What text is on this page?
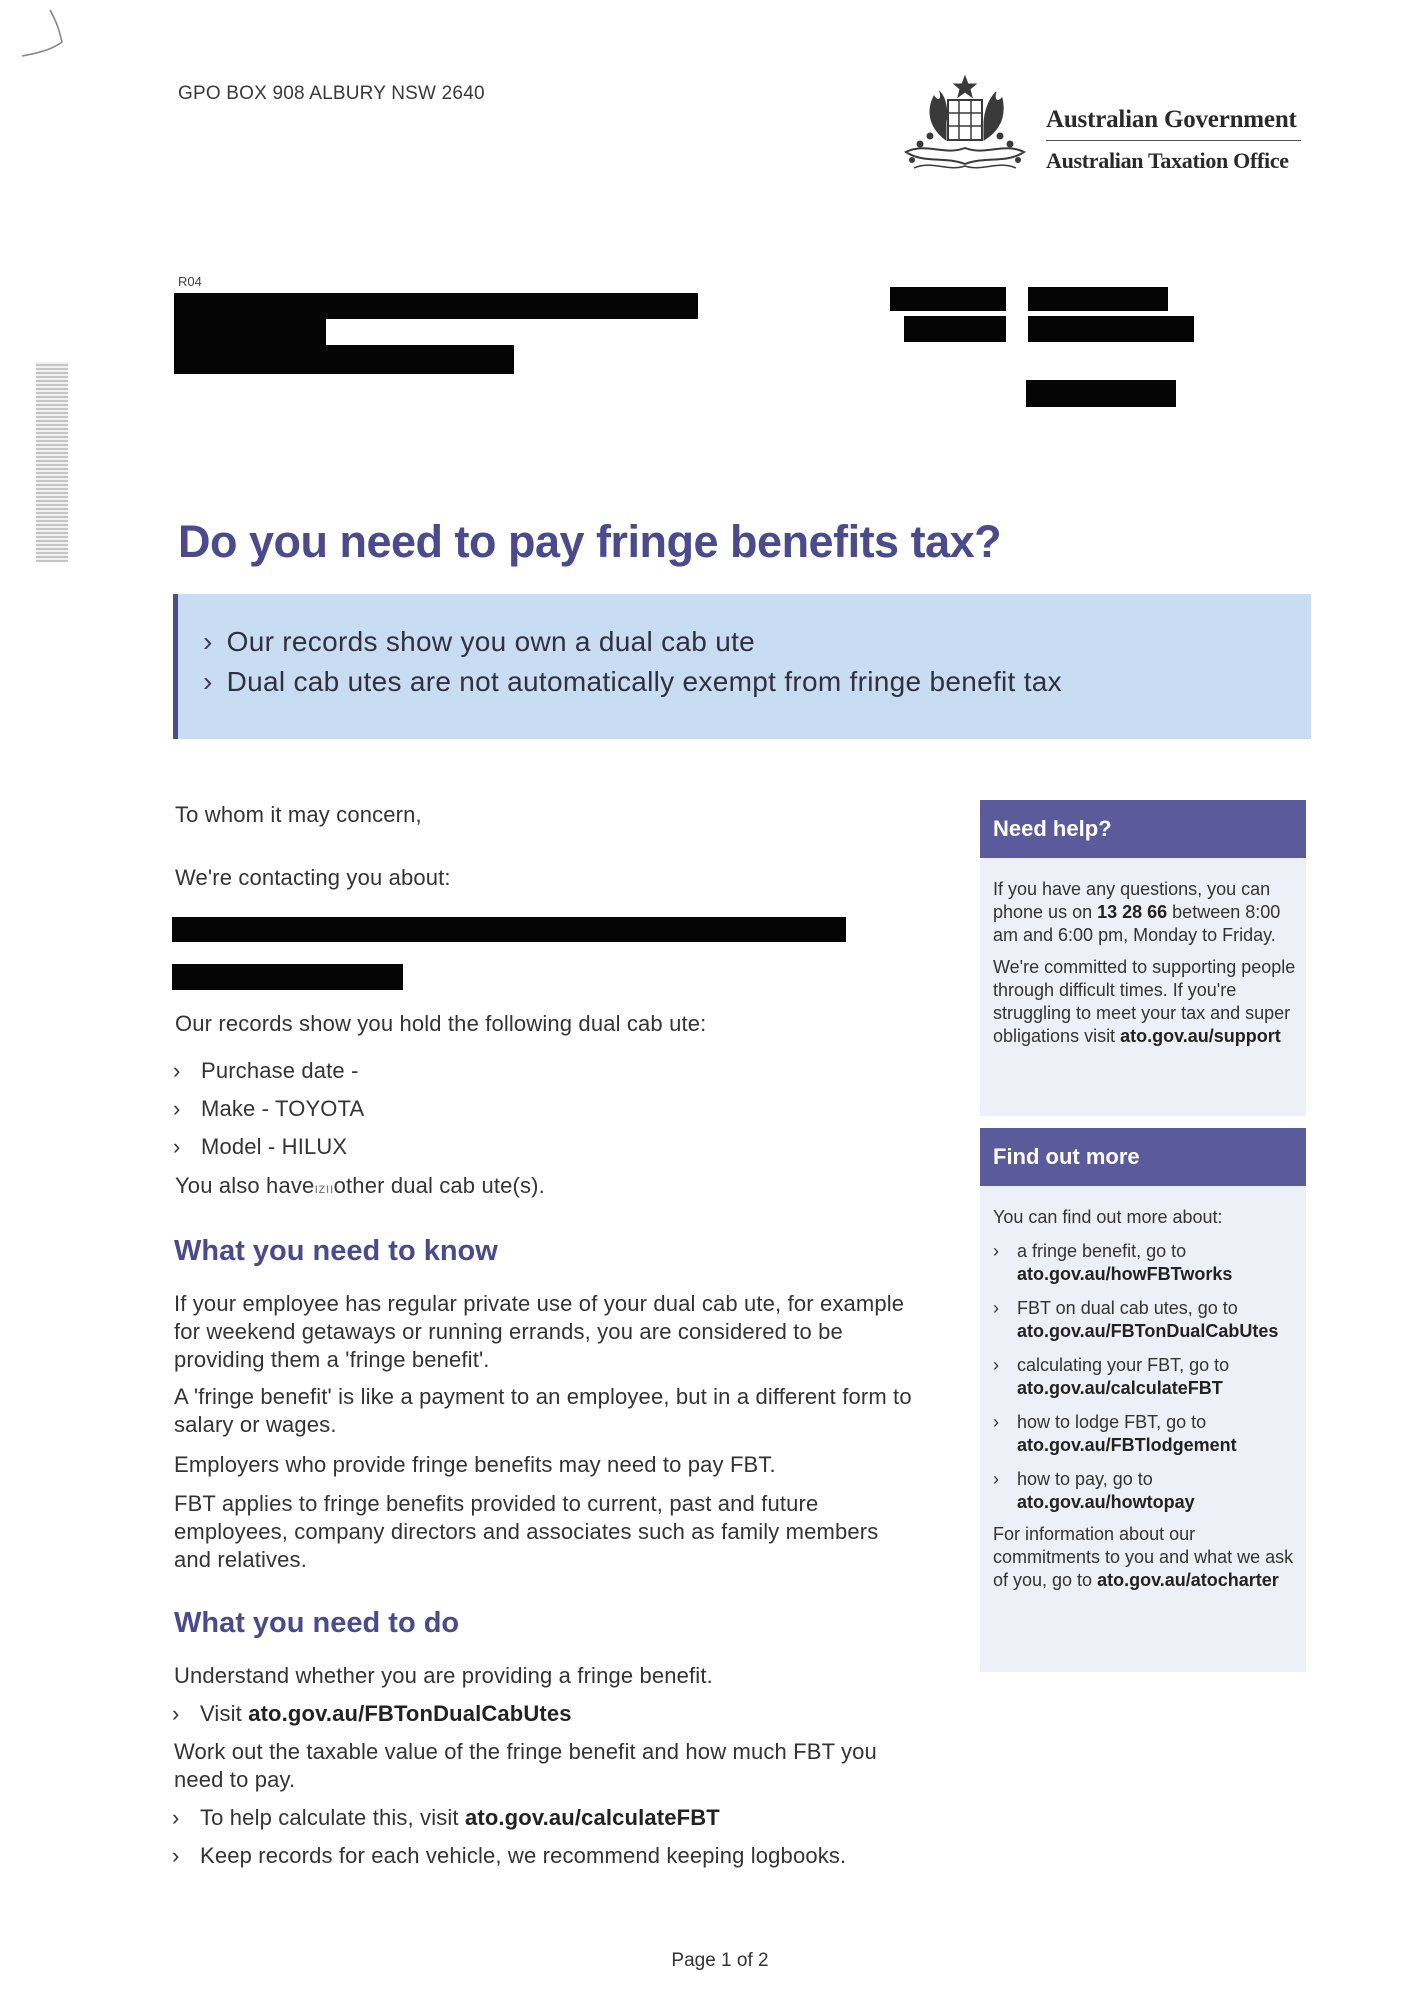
GPO BOX 908 ALBURY NSW 2640
Australian Government
Australian Taxation Office
R04
Do you need to pay fringe benefits tax?
› Our records show you own a dual cab ute
› Dual cab utes are not automatically exempt from fringe benefit tax
To whom it may concern,
We're contacting you about:
Our records show you hold the following dual cab ute:
› Purchase date -
› Make - TOYOTA
› Model - HILUX
You also haveızııother dual cab ute(s).
What you need to know
If your employee has regular private use of your dual cab ute, for example for weekend getaways or running errands, you are considered to be providing them a 'fringe benefit'.
A 'fringe benefit' is like a payment to an employee, but in a different form to salary or wages.
Employers who provide fringe benefits may need to pay FBT.
FBT applies to fringe benefits provided to current, past and future employees, company directors and associates such as family members and relatives.
What you need to do
Understand whether you are providing a fringe benefit.
› Visit ato.gov.au/FBTonDualCabUtes
Work out the taxable value of the fringe benefit and how much FBT you need to pay.
› To help calculate this, visit ato.gov.au/calculateFBT
› Keep records for each vehicle, we recommend keeping logbooks.
Need help?
If you have any questions, you can phone us on 13 28 66 between 8:00 am and 6:00 pm, Monday to Friday.
We're committed to supporting people through difficult times. If you're struggling to meet your tax and super obligations visit ato.gov.au/support
Find out more
You can find out more about:
› a fringe benefit, go to
ato.gov.au/howFBTworks
› FBT on dual cab utes, go to
ato.gov.au/FBTonDualCabUtes
› calculating your FBT, go to
ato.gov.au/calculateFBT
› how to lodge FBT, go to
ato.gov.au/FBTlodgement
› how to pay, go to
ato.gov.au/howtopay
For information about our commitments to you and what we ask of you, go to ato.gov.au/atocharter
Page 1 of 2
